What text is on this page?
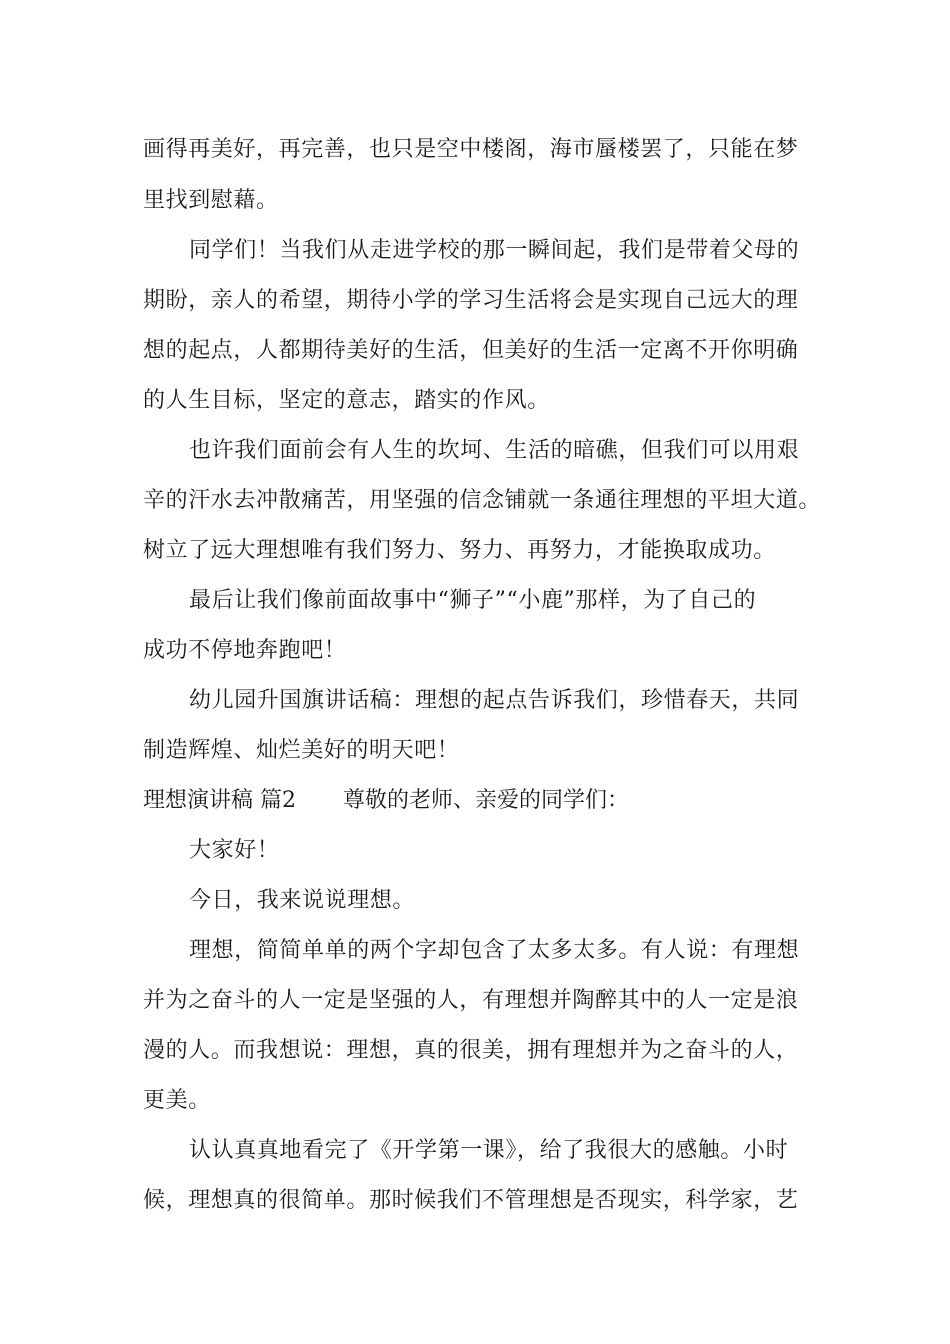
画得再美好，再完善，也只是空中楼阁，海市蜃楼罢了，只能在梦
里找到慰藉。
同学们！当我们从走进学校的那一瞬间起，我们是带着父母的
期盼，亲人的希望，期待小学的学习生活将会是实现自己远大的理
想的起点，人都期待美好的生活，但美好的生活一定离不开你明确
的人生目标，坚定的意志，踏实的作风。
也许我们面前会有人生的坎坷、生活的暗礁，但我们可以用艰
辛的汗水去冲散痛苦，用坚强的信念铺就一条通往理想的平坦大道。
树立了远大理想唯有我们努力、努力、再努力，才能换取成功。
最后让我们像前面故事中“狮子”“小鹿”那样，为了自己的
成功不停地奔跑吧！
幼儿园升国旗讲话稿：理想的起点告诉我们，珍惜春天，共同
制造辉煌、灿烂美好的明天吧！
理想演讲稿 篇2 尊敬的老师、亲爱的同学们：
大家好！
今日，我来说说理想。
理想，简简单单的两个字却包含了太多太多。有人说：有理想
并为之奋斗的人一定是坚强的人，有理想并陶醉其中的人一定是浪
漫的人。而我想说：理想，真的很美，拥有理想并为之奋斗的人，
更美。
认认真真地看完了《开学第一课》，给了我很大的感触。小时
候，理想真的很简单。那时候我们不管理想是否现实，科学家，艺
